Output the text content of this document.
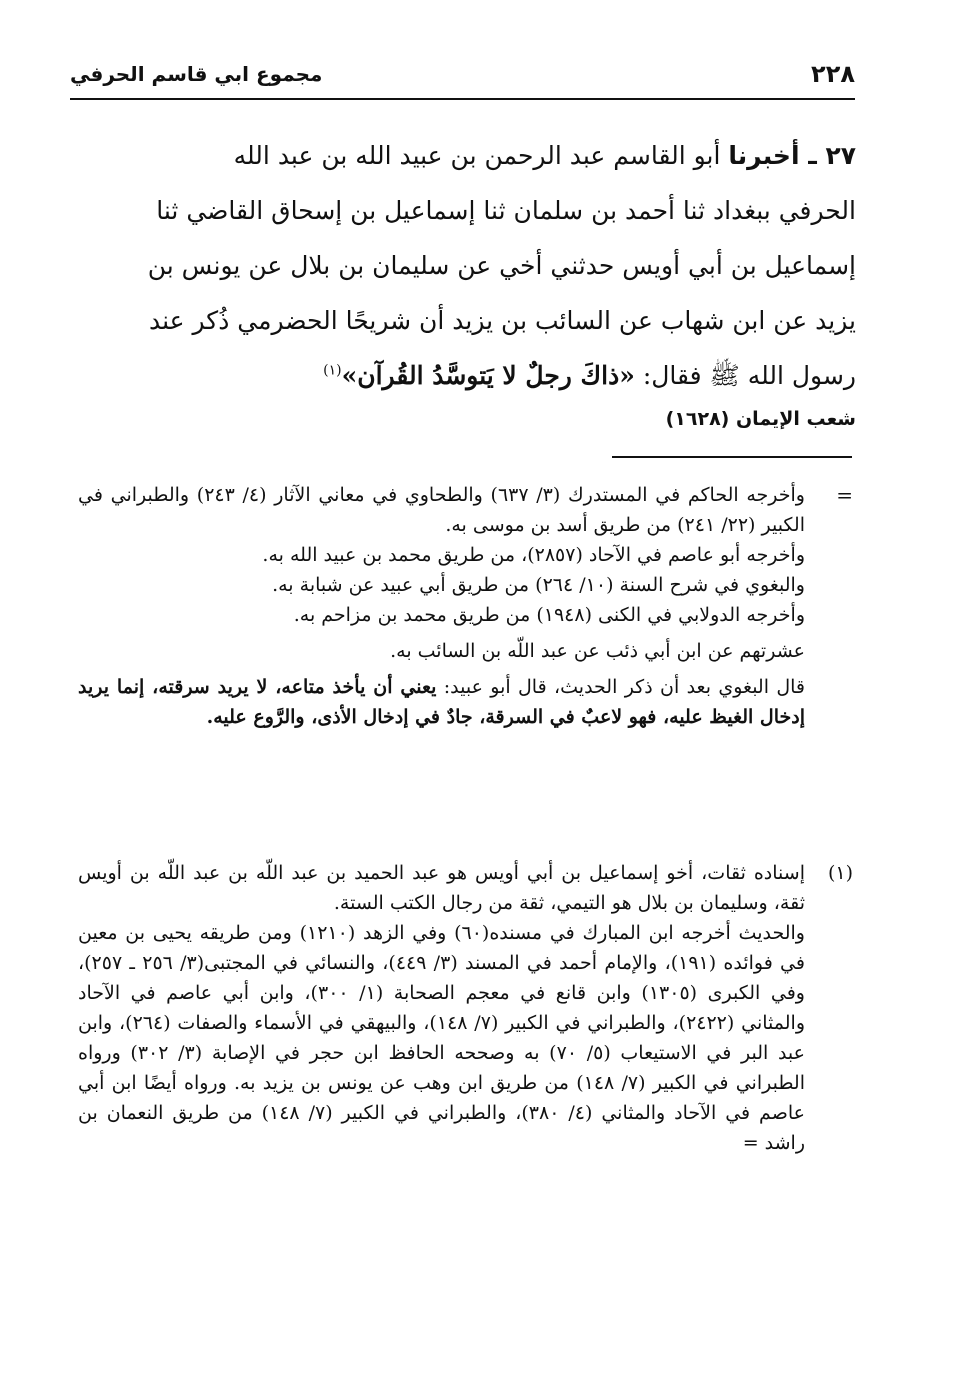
٢٢٨
مجموع ابي قاسم الحرفي

٢٧ ـ أخبرنا أبو القاسم عبد الرحمن بن عبيد الله بن عبد الله

الحرفي ببغداد ثنا أحمد بن سلمان ثنا إسماعيل بن إسحاق القاضي ثنا

إسماعيل بن أبي أويس حدثني أخي عن سليمان بن بلال عن يونس بن

يزيد عن ابن شهاب عن السائب بن يزيد أن شريحًا الحضرمي ذُكر عند

رسول الله ﷺ فقال: «ذاكَ رجلٌ لا يَتوسَّدُ القُرآن»$^{(١)}$

شعب الإيمان (١٦٢٨)
=

وأخرجه الحاكم في المستدرك (٣/ ٦٣٧) والطحاوي في معاني الآثار (٤/ ٢٤٣) والطبراني في الكبير (٢٢/ ٢٤١) من طريق أسد بن موسى به.

وأخرجه أبو عاصم في الآحاد (٢٨٥٧)، من طريق محمد بن عبيد الله به.

والبغوي في شرح السنة (١٠/ ٢٦٤) من طريق أبي عبيد عن شبابة به.

وأخرجه الدولابي في الكنى (١٩٤٨) من طريق محمد بن مزاحم به.

عشرتهم عن ابن أبي ذئب عن عبد اللّه بن السائب به.

قال البغوي بعد أن ذكر الحديث، قال أبو عبيد: يعني أن يأخذ متاعه، لا يريد سرقته، إنما يريد إدخال الغيظ عليه، فهو لاعبٌ في السرقة، جادٌ في إدخال الأذى، والرَّوع عليه.

(١)

إسناده ثقات، أخو إسماعيل بن أبي أويس هو عبد الحميد بن عبد اللّه بن عبد اللّه بن أويس ثقة، وسليمان بن بلال هو التيمي، ثقة من رجال الكتب الستة.

والحديث أخرجه ابن المبارك في مسنده(٦٠) وفي الزهد (١٢١٠) ومن طريقه يحيى بن معين في فوائده (١٩١)، والإمام أحمد في المسند (٣/ ٤٤٩)، والنسائي في المجتبى(٣/ ٢٥٦ ـ ٢٥٧)، وفي الكبرى (١٣٠٥) وابن قانع في معجم الصحابة (١/ ٣٠٠)، وابن أبي عاصم في الآحاد والمثاني (٢٤٢٢)، والطبراني في الكبير (٧/ ١٤٨)، والبيهقي في الأسماء والصفات (٢٦٤)، وابن عبد البر في الاستيعاب (٥/ ٧٠) به وصححه الحافظ ابن حجر في الإصابة (٣/ ٣٠٢) ورواه الطبراني في الكبير (٧/ ١٤٨) من طريق ابن وهب عن يونس بن يزيد به. ورواه أيضًا ابن أبي عاصم في الآحاد والمثاني (٤/ ٣٨٠)، والطبراني في الكبير (٧/ ١٤٨) من طريق النعمان بن راشد =
